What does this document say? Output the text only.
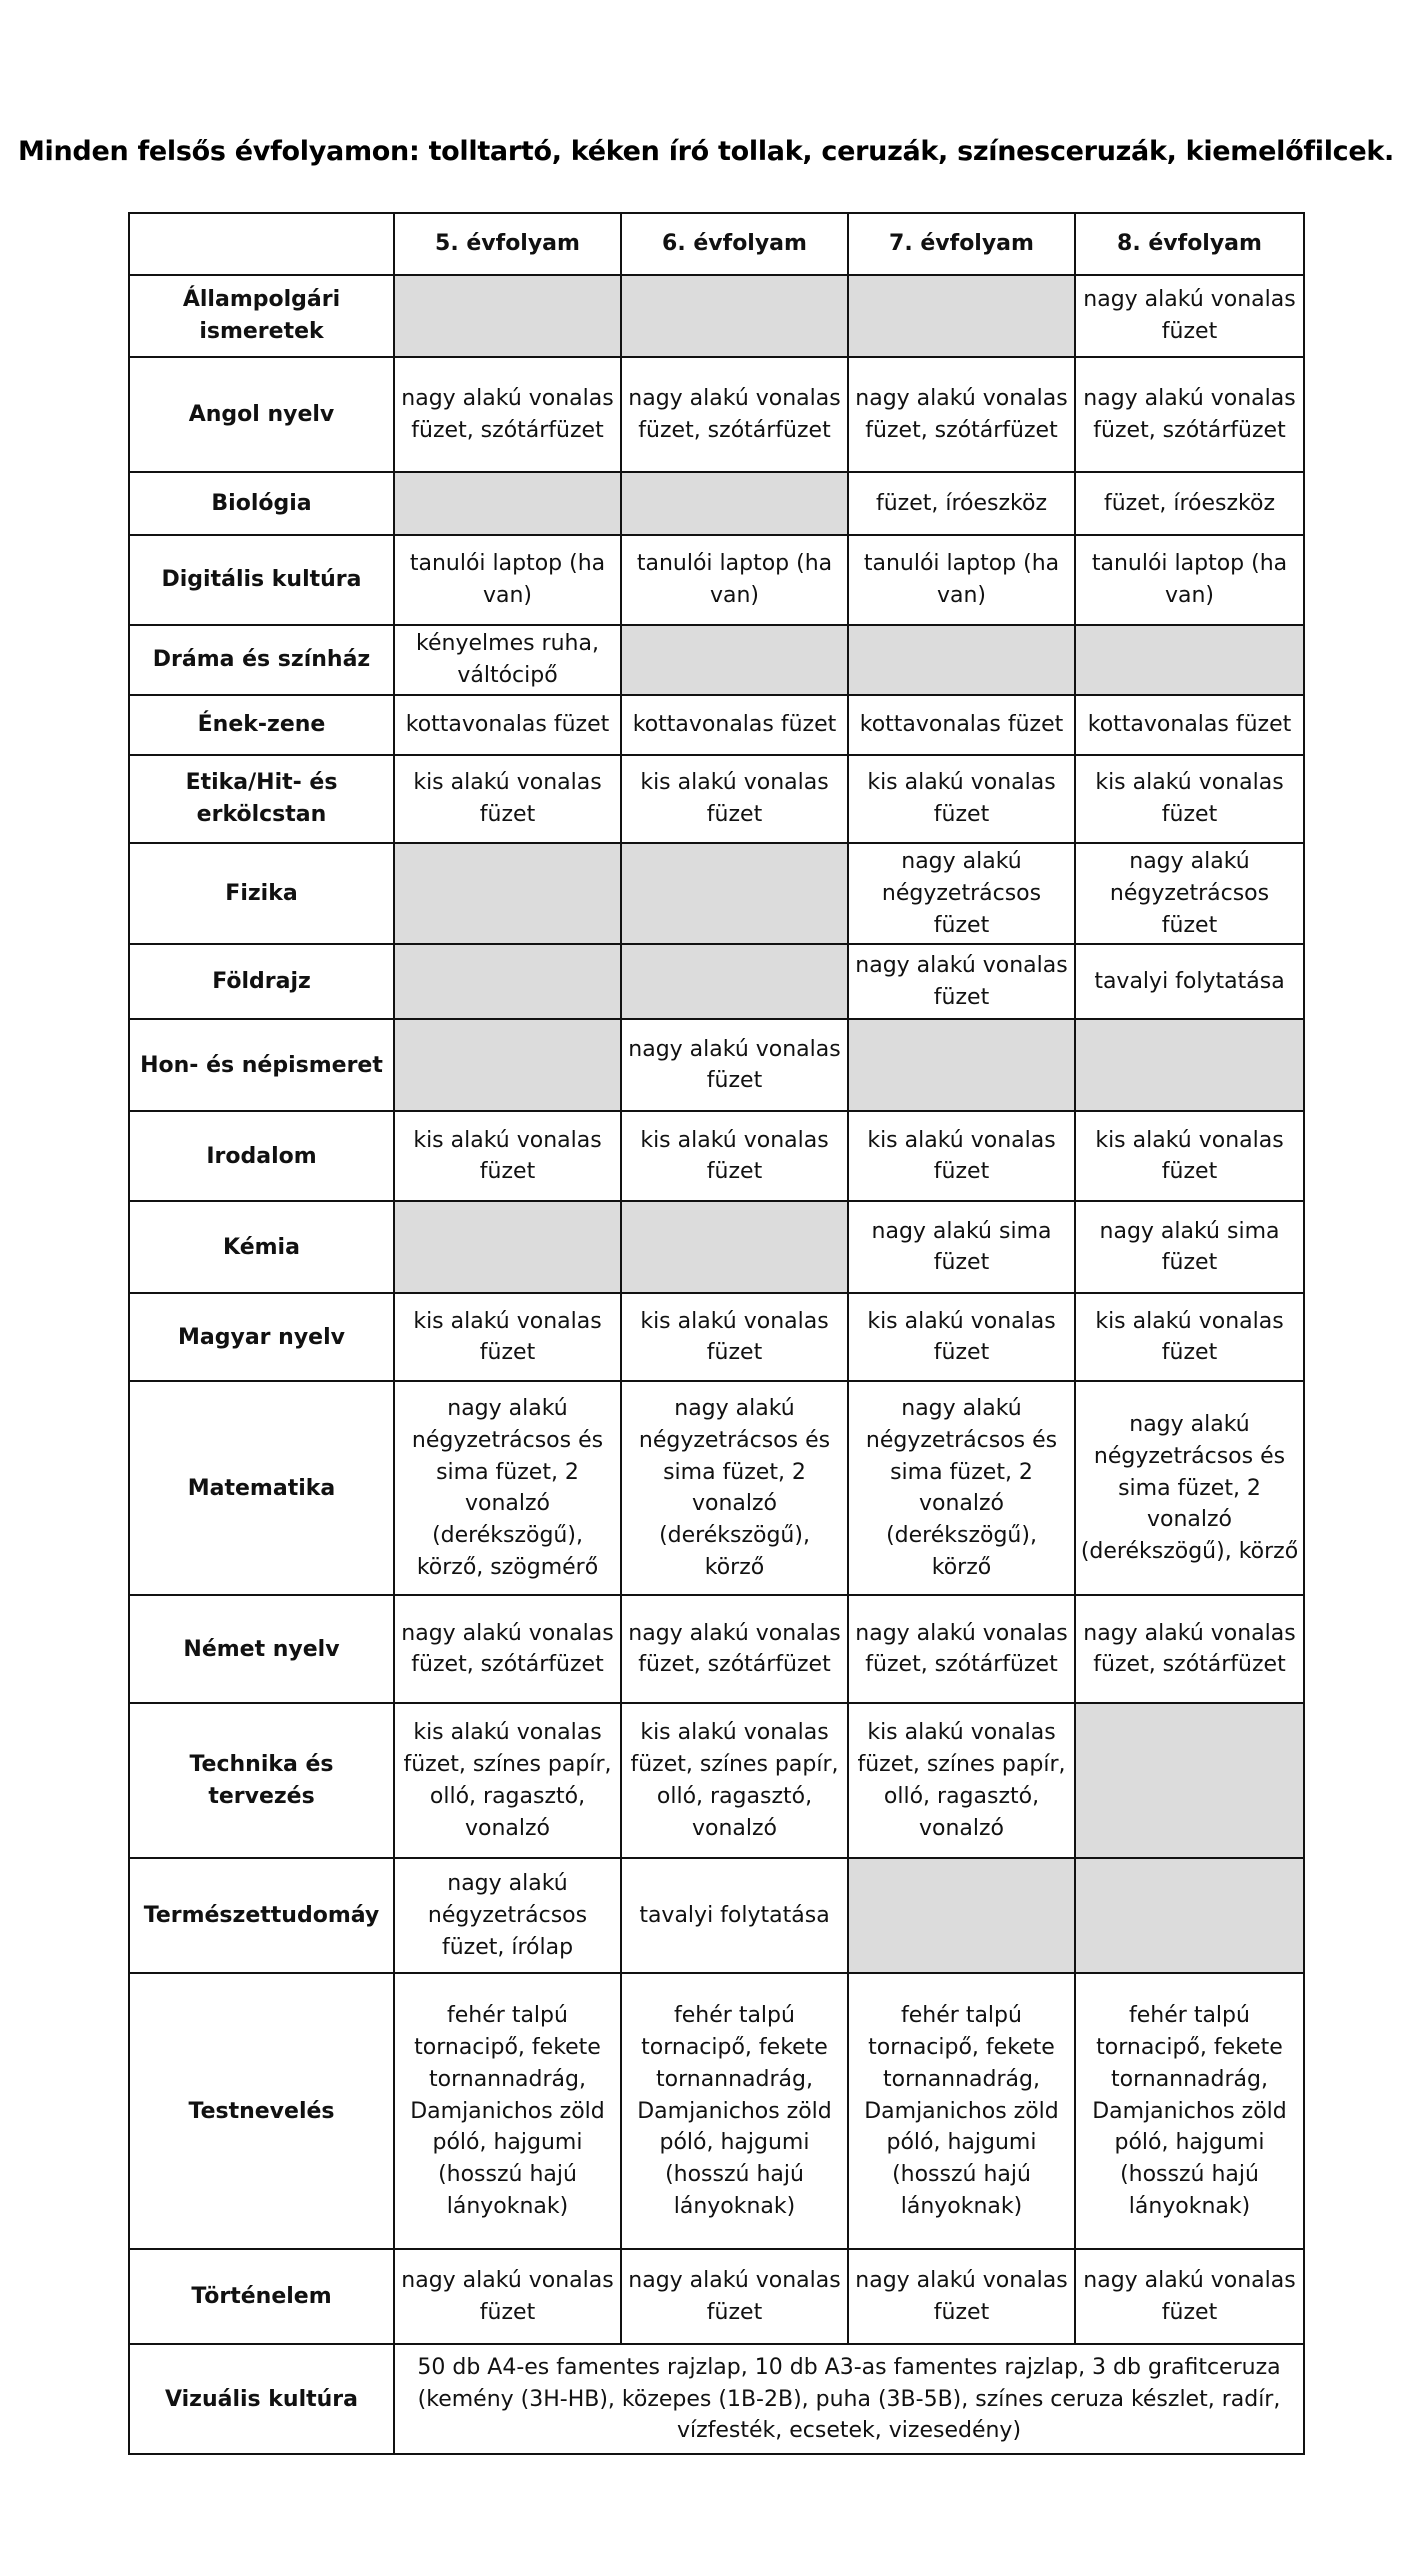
Minden felsős évfolyamon: tolltartó, kéken író tollak, ceruzák, színesceruzák, kiemelőfilcek.
	5. évfolyam	6. évfolyam	7. évfolyam	8. évfolyam
Állampolgári ismeretek				nagy alakú vonalas füzet
Angol nyelv	nagy alakú vonalas füzet, szótárfüzet	nagy alakú vonalas füzet, szótárfüzet	nagy alakú vonalas füzet, szótárfüzet	nagy alakú vonalas füzet, szótárfüzet
Biológia			füzet, íróeszköz	füzet, íróeszköz
Digitális kultúra	tanulói laptop (ha van)	tanulói laptop (ha van)	tanulói laptop (ha van)	tanulói laptop (ha van)
Dráma és színház	kényelmes ruha, váltócipő			
Ének-zene	kottavonalas füzet	kottavonalas füzet	kottavonalas füzet	kottavonalas füzet
Etika/Hit- és erkölcstan	kis alakú vonalas füzet	kis alakú vonalas füzet	kis alakú vonalas füzet	kis alakú vonalas füzet
Fizika			nagy alakú négyzetrácsos füzet	nagy alakú négyzetrácsos füzet
Földrajz			nagy alakú vonalas füzet	tavalyi folytatása
Hon- és népismeret		nagy alakú vonalas füzet		
Irodalom	kis alakú vonalas füzet	kis alakú vonalas füzet	kis alakú vonalas füzet	kis alakú vonalas füzet
Kémia			nagy alakú sima füzet	nagy alakú sima füzet
Magyar nyelv	kis alakú vonalas füzet	kis alakú vonalas füzet	kis alakú vonalas füzet	kis alakú vonalas füzet
Matematika	nagy alakú négyzetrácsos és sima füzet, 2 vonalzó (derékszögű), körző, szögmérő	nagy alakú négyzetrácsos és sima füzet, 2 vonalzó (derékszögű), körző	nagy alakú négyzetrácsos és sima füzet, 2 vonalzó (derékszögű), körző	nagy alakú négyzetrácsos és sima füzet, 2 vonalzó (derékszögű), körző
Német nyelv	nagy alakú vonalas füzet, szótárfüzet	nagy alakú vonalas füzet, szótárfüzet	nagy alakú vonalas füzet, szótárfüzet	nagy alakú vonalas füzet, szótárfüzet
Technika és tervezés	kis alakú vonalas füzet, színes papír, olló, ragasztó, vonalzó	kis alakú vonalas füzet, színes papír, olló, ragasztó, vonalzó	kis alakú vonalas füzet, színes papír, olló, ragasztó, vonalzó	
Természettudomáy	nagy alakú négyzetrácsos füzet, írólap	tavalyi folytatása		
Testnevelés	fehér talpú tornacipő, fekete tornannadrág, Damjanichos zöld póló, hajgumi (hosszú hajú lányoknak)	fehér talpú tornacipő, fekete tornannadrág, Damjanichos zöld póló, hajgumi (hosszú hajú lányoknak)	fehér talpú tornacipő, fekete tornannadrág, Damjanichos zöld póló, hajgumi (hosszú hajú lányoknak)	fehér talpú tornacipő, fekete tornannadrág, Damjanichos zöld póló, hajgumi (hosszú hajú lányoknak)
Történelem	nagy alakú vonalas füzet	nagy alakú vonalas füzet	nagy alakú vonalas füzet	nagy alakú vonalas füzet
Vizuális kultúra	50 db A4-es famentes rajzlap, 10 db A3-as famentes rajzlap, 3 db grafitceruza (kemény (3H-HB), közepes (1B-2B), puha (3B-5B), színes ceruza készlet, radír, vízfesték, ecsetek, vizesedény)			
